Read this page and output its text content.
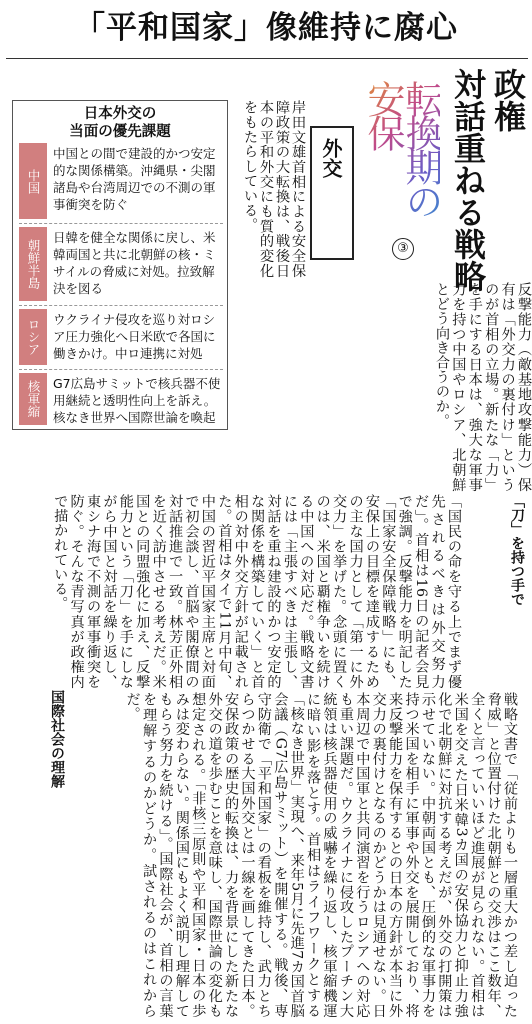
「平和国家」像維持に腐心
政権
対話重ねる戦略
転換期の安保
③
外交
岸田文雄首相による安全保障政策の大転換は、戦後日本の平和外交にも質的変化をもたらしている。
日本外交の
当面の優先課題
中国
中国との間で建設的かつ安定的な関係構築。沖縄県・尖閣諸島や台湾周辺での不測の軍事衝突を防ぐ
朝鮮半島
日韓を健全な関係に戻し、米韓両国と共に北朝鮮の核・ミサイルの脅威に対処。拉致解決を図る
ロシア ウクライナ侵攻を巡り対ロシア圧力強化へ日米欧で各国に働きかけ。中ロ連携に対処
核軍縮 G7広島サミットで核兵器不使用継続と透明性向上を訴え。核なき世界へ国際世論を喚起	反撃能力（敵基地攻撃能力）保有は「外交力の裏付け」というのが首相の立場。新たな「力」を手にする日本は、強大な軍事力を持つ中国やロシア、北朝鮮とどう向き合うのか。
「刀」を持つ手で
「国民の命を守る上でまず優先されるべきは外交努力だ」。首相は16日の記者会見で強調。反撃能力を明記した「国家安全保障戦略」にも、安保上の目標を達成するための主な国力として「第一に外交力」を挙げた。念頭に置くのは、米国と覇権争いを続ける中国への対応だ。戦略文書には「主張すべきは主張し、対話を重ね建設的かつ安定的な関係を構築していく」と首相の対中外交方針が記載された。首相はタイで11月中旬、中国の習近平国家主席と対面で初会談し、首脳や閣僚間の対話推進で一致。林芳正外相を近く訪中させる考えだ。米国との同盟強化に加え、反撃能力という「刀」を手にしながら中国と対話を繰り返し、東シナ海で不測の軍事衝突を防ぐ。そんな青写真が政権内で描かれている。
戦略文書で「従前よりも一層重大かつ差し迫った脅威」と位置付けた北朝鮮との交渉はここ数年、全くと言っていいほど進展が見られない。首相は米国を交えた日米韓3カ国の安保協力と抑止力強化で北朝鮮に対抗する考えだが、外交の打開策は示せていない。中朝両国とも、圧倒的な軍事力を持つ米国を相手に軍事や外交を展開しており、将来反撃能力を保有するとの日本の方針が本当に外交力の裏付けとなるのかどうかは見通せない。日本周辺で中国軍と共同演習を行うロシアへの対応も重い課題だ。ウクライナに侵攻したプーチン大統領は核兵器使用の威嚇を繰り返し、核軍縮機運に暗い影を落とす。首相はライフワークとする「核なき世界」実現へ、来年5月に先進7カ国首脳会議（G7広島サミット）を開催する。戦後、専守防衛で「平和国家」の看板を維持し、武力とちらつかせる大国外交とは一線を画してきた日本。安保政策の歴史的転換は、力を背景にした新たな外交の道を歩むことを意味し、国際世論の変化も想定される。「非核三原則や平和国家・日本の歩みは変わらない。関係国にもよく説明し理解してもらう努力を続ける」。国際社会が、首相の言葉を理解するのかどうか。試されるのはこれからだ。
国際社会の理解
